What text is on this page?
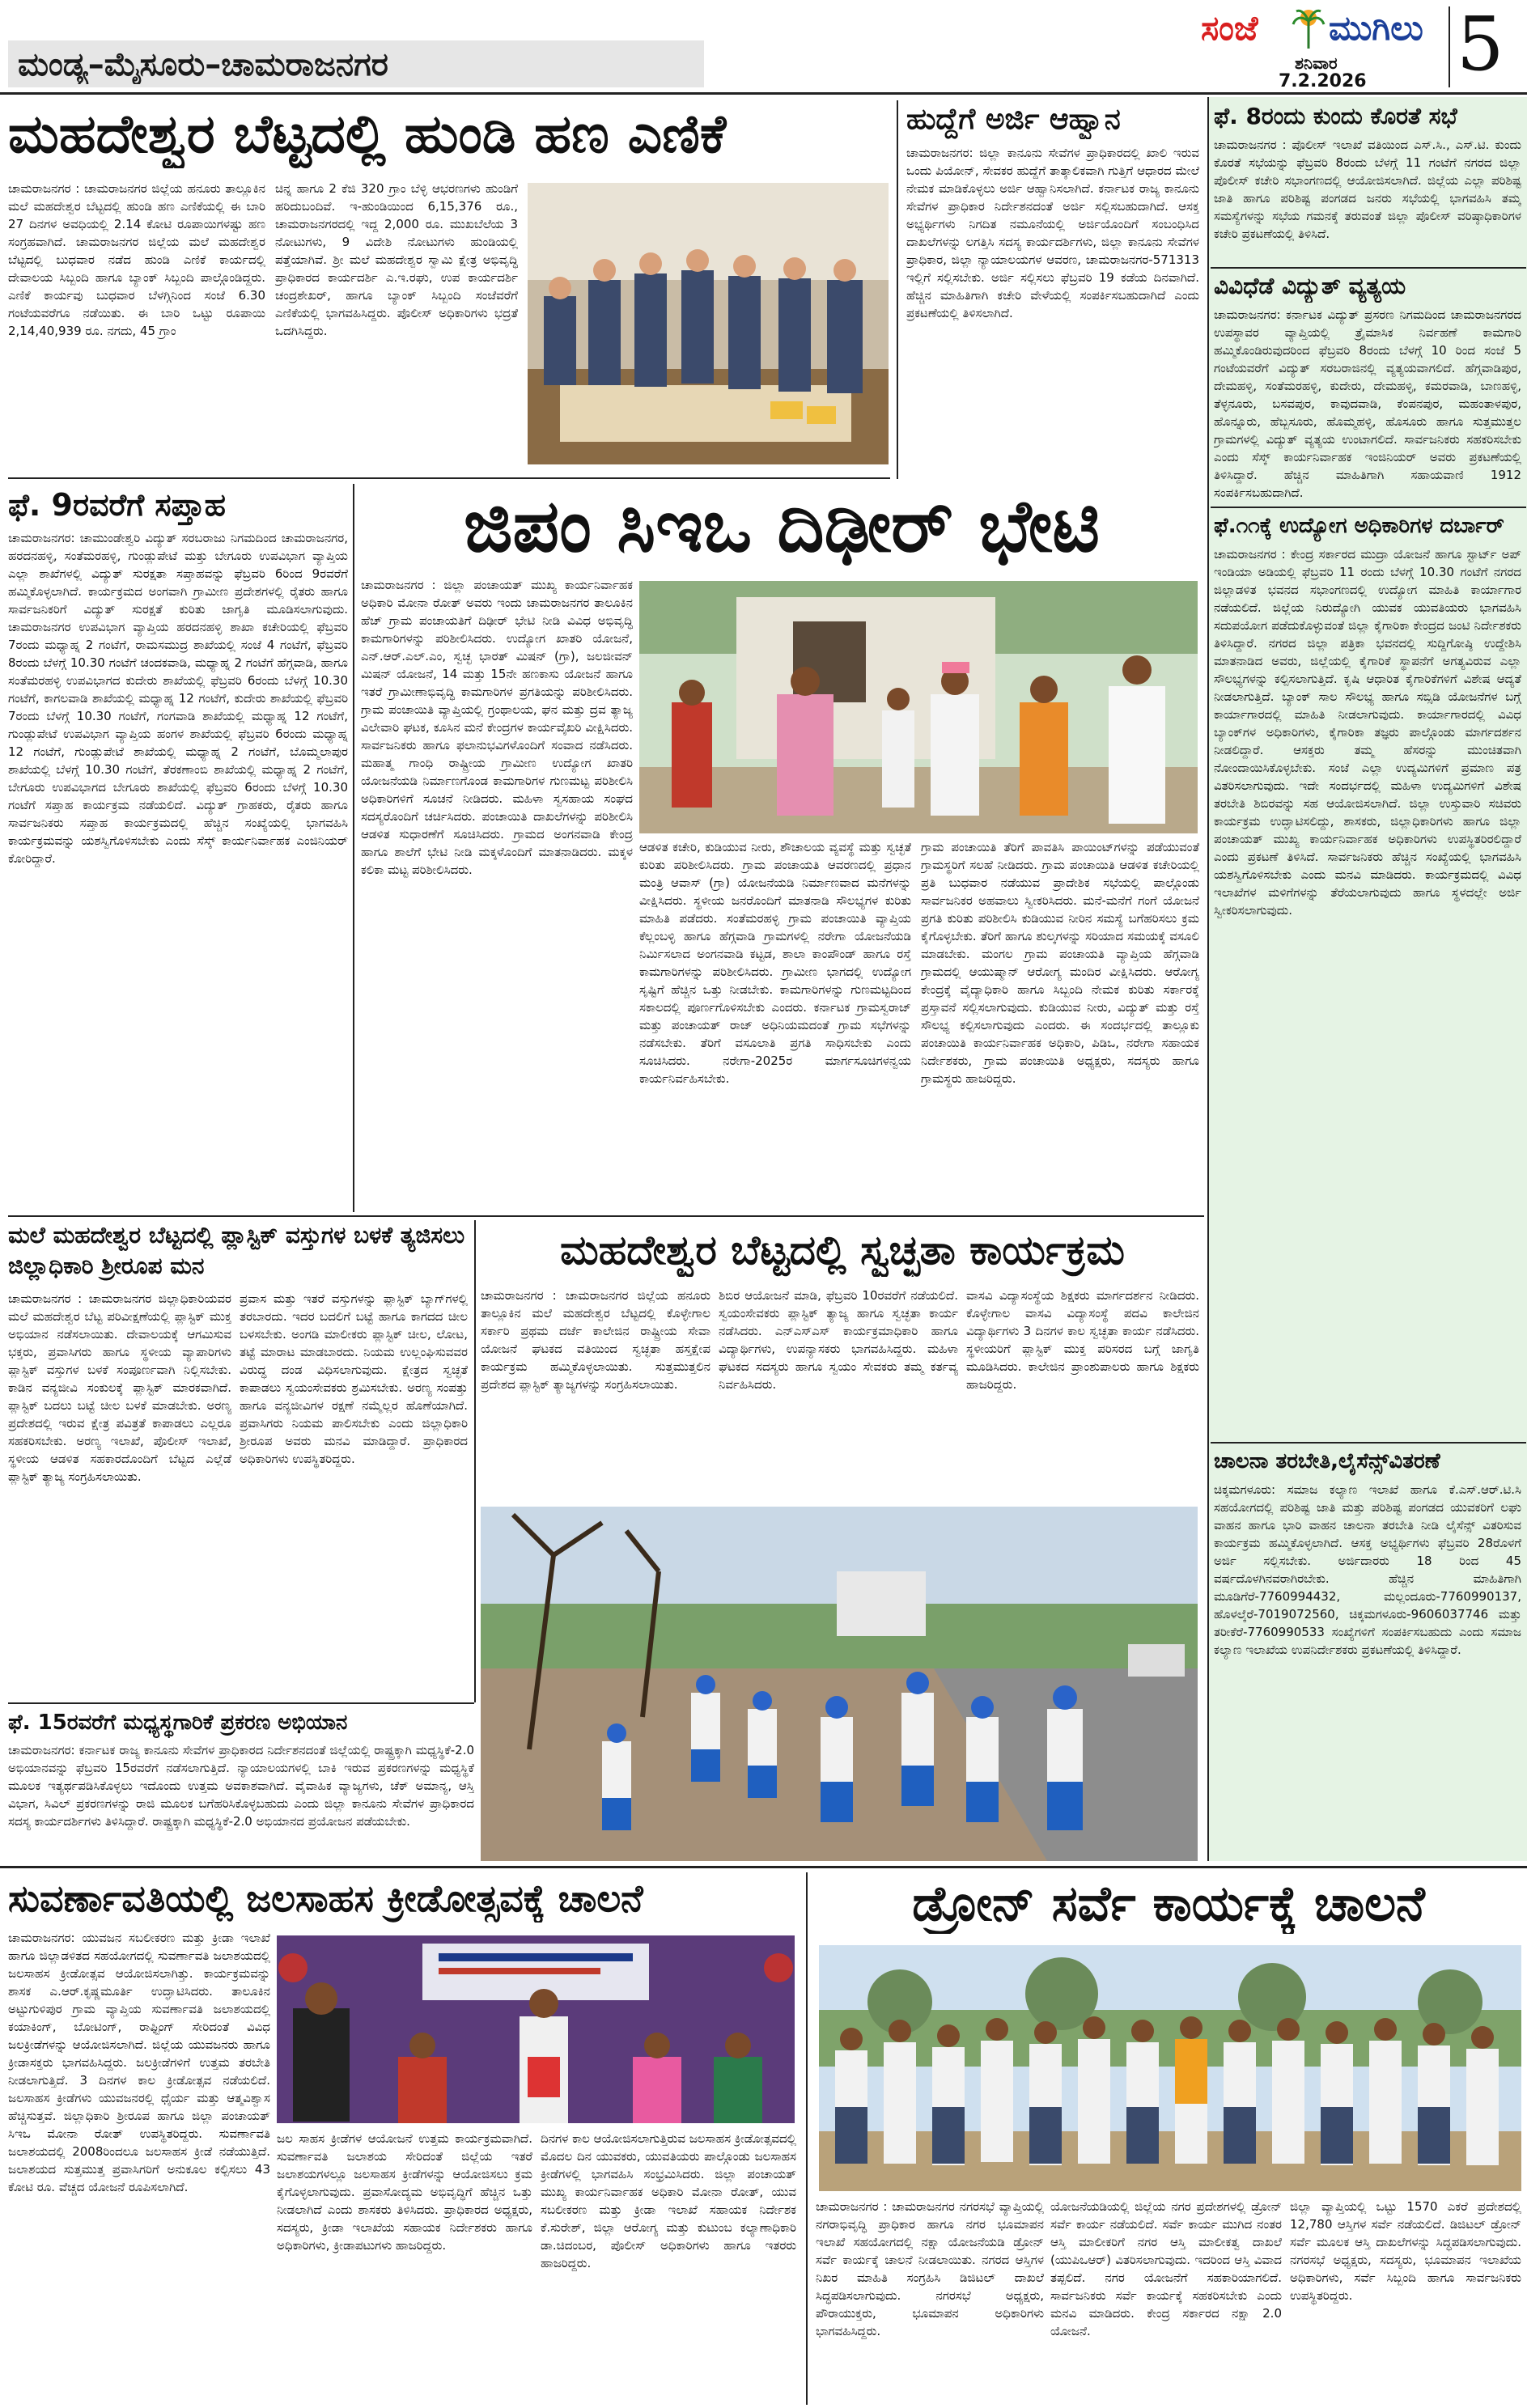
ಮಂಡ್ಯ–ಮೈಸೂರು–ಚಾಮರಾಜನಗರ
ಸಂಜೆ ಮುಗಿಲು
ಶನಿವಾರ
7.2.2026 5
ಮಹದೇಶ್ವರ ಬೆಟ್ಟದಲ್ಲಿ ಹುಂಡಿ ಹಣ ಎಣಿಕೆ
ಚಾಮರಾಜನಗರ : ಚಾಮರಾಜನಗರ ಜಿಲ್ಲೆಯ ಹನೂರು ತಾಲ್ಲೂಕಿನ ಮಲೆ ಮಹದೇಶ್ವರ ಬೆಟ್ಟದಲ್ಲಿ ಹುಂಡಿ ಹಣ ಎಣಿಕೆಯಲ್ಲಿ ಈ ಬಾರಿ 27 ದಿನಗಳ ಅವಧಿಯಲ್ಲಿ 2.14 ಕೋಟಿ ರೂಪಾಯಿಗಳಷ್ಟು ಹಣ ಸಂಗ್ರಹವಾಗಿದೆ. ಚಾಮರಾಜನಗರ ಜಿಲ್ಲೆಯ ಮಲೆ ಮಹದೇಶ್ವರ ಬೆಟ್ಟದಲ್ಲಿ ಬುಧವಾರ ನಡೆದ ಹುಂಡಿ ಎಣಿಕೆ ಕಾರ್ಯದಲ್ಲಿ ದೇವಾಲಯ ಸಿಬ್ಬಂದಿ ಹಾಗೂ ಬ್ಯಾಂಕ್ ಸಿಬ್ಬಂದಿ ಪಾಲ್ಗೊಂಡಿದ್ದರು. ಎಣಿಕೆ ಕಾರ್ಯವು ಬುಧವಾರ ಬೆಳಗ್ಗಿನಿಂದ ಸಂಜೆ 6.30 ಗಂಟೆಯವರೆಗೂ ನಡೆಯಿತು. ಈ ಬಾರಿ ಒಟ್ಟು ರೂಪಾಯಿ 2,14,40,939 ರೂ. ನಗದು, 45 ಗ್ರಾಂ
ಚಿನ್ನ ಹಾಗೂ 2 ಕೆಜಿ 320 ಗ್ರಾಂ ಬೆಳ್ಳಿ ಆಭರಣಗಳು ಹುಂಡಿಗೆ ಹರಿದುಬಂದಿವೆ. ಇ-ಹುಂಡಿಯಿಂದ 6,15,376 ರೂ., ಚಾಮರಾಜನಗರದಲ್ಲಿ ಇದ್ದ 2,000 ರೂ. ಮುಖಬೆಲೆಯ 3 ನೋಟುಗಳು, 9 ವಿದೇಶಿ ನೋಟುಗಳು ಹುಂಡಿಯಲ್ಲಿ ಪತ್ತೆಯಾಗಿವೆ. ಶ್ರೀ ಮಲೆ ಮಹದೇಶ್ವರ ಸ್ವಾಮಿ ಕ್ಷೇತ್ರ ಅಭಿವೃದ್ಧಿ ಪ್ರಾಧಿಕಾರದ ಕಾರ್ಯದರ್ಶಿ ಎ.ಇ.ರಘು, ಉಪ ಕಾರ್ಯದರ್ಶಿ ಚಂದ್ರಶೇಖರ್, ಹಾಗೂ ಬ್ಯಾಂಕ್ ಸಿಬ್ಬಂದಿ ಸಂಜೆವರೆಗೆ ಎಣಿಕೆಯಲ್ಲಿ ಭಾಗವಹಿಸಿದ್ದರು. ಪೊಲೀಸ್ ಅಧಿಕಾರಿಗಳು ಭದ್ರತೆ ಒದಗಿಸಿದ್ದರು.
ಹುದ್ದೆಗೆ ಅರ್ಜಿ ಆಹ್ವಾನ
ಚಾಮರಾಜನಗರ: ಜಿಲ್ಲಾ ಕಾನೂನು ಸೇವೆಗಳ ಪ್ರಾಧಿಕಾರದಲ್ಲಿ ಖಾಲಿ ಇರುವ ಒಂದು ಪಿಯೋನ್, ಸೇವಕರ ಹುದ್ದೆಗೆ ತಾತ್ಕಾಲಿಕವಾಗಿ ಗುತ್ತಿಗೆ ಆಧಾರದ ಮೇಲೆ ನೇಮಕ ಮಾಡಿಕೊಳ್ಳಲು ಅರ್ಜಿ ಆಹ್ವಾನಿಸಲಾಗಿದೆ. ಕರ್ನಾಟಕ ರಾಜ್ಯ ಕಾನೂನು ಸೇವೆಗಳ ಪ್ರಾಧಿಕಾರ ನಿರ್ದೇಶನದಂತೆ ಅರ್ಜಿ ಸಲ್ಲಿಸಬಹುದಾಗಿದೆ. ಆಸಕ್ತ ಅಭ್ಯರ್ಥಿಗಳು ನಿಗದಿತ ನಮೂನೆಯಲ್ಲಿ ಅರ್ಜಿಯೊಂದಿಗೆ ಸಂಬಂಧಿಸಿದ ದಾಖಲೆಗಳನ್ನು ಲಗತ್ತಿಸಿ ಸದಸ್ಯ ಕಾರ್ಯದರ್ಶಿಗಳು, ಜಿಲ್ಲಾ ಕಾನೂನು ಸೇವೆಗಳ ಪ್ರಾಧಿಕಾರ, ಜಿಲ್ಲಾ ನ್ಯಾಯಾಲಯಗಳ ಆವರಣ, ಚಾಮರಾಜನಗರ-571313 ಇಲ್ಲಿಗೆ ಸಲ್ಲಿಸಬೇಕು. ಅರ್ಜಿ ಸಲ್ಲಿಸಲು ಫೆಬ್ರವರಿ 19 ಕಡೆಯ ದಿನವಾಗಿದೆ. ಹೆಚ್ಚಿನ ಮಾಹಿತಿಗಾಗಿ ಕಚೇರಿ ವೇಳೆಯಲ್ಲಿ ಸಂಪರ್ಕಿಸಬಹುದಾಗಿದೆ ಎಂದು ಪ್ರಕಟಣೆಯಲ್ಲಿ ತಿಳಿಸಲಾಗಿದೆ.
ಫೆ. 8ರಂದು ಕುಂದು ಕೊರತೆ ಸಭೆ
ಚಾಮರಾಜನಗರ : ಪೊಲೀಸ್ ಇಲಾಖೆ ವತಿಯಿಂದ ಎಸ್.ಸಿ., ಎಸ್.ಟಿ. ಕುಂದು ಕೊರತೆ ಸಭೆಯನ್ನು ಫೆಬ್ರವರಿ 8ರಂದು ಬೆಳಗ್ಗೆ 11 ಗಂಟೆಗೆ ನಗರದ ಜಿಲ್ಲಾ ಪೊಲೀಸ್ ಕಚೇರಿ ಸಭಾಂಗಣದಲ್ಲಿ ಆಯೋಜಿಸಲಾಗಿದೆ. ಜಿಲ್ಲೆಯ ಎಲ್ಲಾ ಪರಿಶಿಷ್ಟ ಜಾತಿ ಹಾಗೂ ಪರಿಶಿಷ್ಟ ಪಂಗಡದ ಜನರು ಸಭೆಯಲ್ಲಿ ಭಾಗವಹಿಸಿ ತಮ್ಮ ಸಮಸ್ಯೆಗಳನ್ನು ಸಭೆಯ ಗಮನಕ್ಕೆ ತರುವಂತೆ ಜಿಲ್ಲಾ ಪೊಲೀಸ್ ವರಿಷ್ಠಾಧಿಕಾರಿಗಳ ಕಚೇರಿ ಪ್ರಕಟಣೆಯಲ್ಲಿ ತಿಳಿಸಿದೆ.
ವಿವಿಧೆಡೆ ವಿದ್ಯುತ್ ವ್ಯತ್ಯಯ
ಚಾಮರಾಜನಗರ: ಕರ್ನಾಟಕ ವಿದ್ಯುತ್ ಪ್ರಸರಣ ನಿಗಮದಿಂದ ಚಾಮರಾಜನಗರದ ಉಪಸ್ಥಾವರ ವ್ಯಾಪ್ತಿಯಲ್ಲಿ ತ್ರೈಮಾಸಿಕ ನಿರ್ವಹಣೆ ಕಾಮಗಾರಿ ಹಮ್ಮಿಕೊಂಡಿರುವುದರಿಂದ ಫೆಬ್ರವರಿ 8ರಂದು ಬೆಳಗ್ಗೆ 10 ರಿಂದ ಸಂಜೆ 5 ಗಂಟೆಯವರೆಗೆ ವಿದ್ಯುತ್ ಸರಬರಾಜಿನಲ್ಲಿ ವ್ಯತ್ಯಯವಾಗಲಿದೆ. ಹೆಗ್ಗವಾಡಿಪುರ, ದೇಮಹಳ್ಳಿ, ಸಂತೆಮರಹಳ್ಳಿ, ಕುದೇರು, ದೇಮಹಳ್ಳಿ, ಕಮರವಾಡಿ, ಬಾಣಹಳ್ಳಿ, ತೆಳ್ಳನೂರು, ಬಸವಪುರ, ಕಾವುದವಾಡಿ, ಕೆಂಪನಪುರ, ಮಹಂತಾಳಪುರ, ಹೊನ್ನೂರು, ಹೆಬ್ಬಸೂರು, ಹೊಮ್ಮಹಳ್ಳಿ, ಹೊಸೂರು ಹಾಗೂ ಸುತ್ತಮುತ್ತಲ ಗ್ರಾಮಗಳಲ್ಲಿ ವಿದ್ಯುತ್ ವ್ಯತ್ಯಯ ಉಂಟಾಗಲಿದೆ. ಸಾರ್ವಜನಿಕರು ಸಹಕರಿಸಬೇಕು ಎಂದು ಸೆಸ್ಕ್ ಕಾರ್ಯನಿರ್ವಾಹಕ ಇಂಜಿನಿಯರ್ ಅವರು ಪ್ರಕಟಣೆಯಲ್ಲಿ ತಿಳಿಸಿದ್ದಾರೆ. ಹೆಚ್ಚಿನ ಮಾಹಿತಿಗಾಗಿ ಸಹಾಯವಾಣಿ 1912 ಸಂಪರ್ಕಿಸಬಹುದಾಗಿದೆ.
ಫೆ.೧೧ಕ್ಕೆ ಉದ್ಯೋಗ ಅಧಿಕಾರಿಗಳ ದರ್ಬಾರ್
ಚಾಮರಾಜನಗರ : ಕೇಂದ್ರ ಸರ್ಕಾರದ ಮುದ್ರಾ ಯೋಜನೆ ಹಾಗೂ ಸ್ಟಾರ್ಟ್ ಅಪ್ ಇಂಡಿಯಾ ಅಡಿಯಲ್ಲಿ ಫೆಬ್ರವರಿ 11 ರಂದು ಬೆಳಗ್ಗೆ 10.30 ಗಂಟೆಗೆ ನಗರದ ಜಿಲ್ಲಾಡಳಿತ ಭವನದ ಸಭಾಂಗಣದಲ್ಲಿ ಉದ್ಯೋಗ ಮಾಹಿತಿ ಕಾರ್ಯಾಗಾರ ನಡೆಯಲಿದೆ. ಜಿಲ್ಲೆಯ ನಿರುದ್ಯೋಗಿ ಯುವಕ ಯುವತಿಯರು ಭಾಗವಹಿಸಿ ಸದುಪಯೋಗ ಪಡೆದುಕೊಳ್ಳುವಂತೆ ಜಿಲ್ಲಾ ಕೈಗಾರಿಕಾ ಕೇಂದ್ರದ ಜಂಟಿ ನಿರ್ದೇಶಕರು ತಿಳಿಸಿದ್ದಾರೆ. ನಗರದ ಜಿಲ್ಲಾ ಪತ್ರಿಕಾ ಭವನದಲ್ಲಿ ಸುದ್ದಿಗೋಷ್ಠಿ ಉದ್ದೇಶಿಸಿ ಮಾತನಾಡಿದ ಅವರು, ಜಿಲ್ಲೆಯಲ್ಲಿ ಕೈಗಾರಿಕೆ ಸ್ಥಾಪನೆಗೆ ಅಗತ್ಯವಿರುವ ಎಲ್ಲಾ ಸೌಲಭ್ಯಗಳನ್ನು ಕಲ್ಪಿಸಲಾಗುತ್ತಿದೆ. ಕೃಷಿ ಆಧಾರಿತ ಕೈಗಾರಿಕೆಗಳಿಗೆ ವಿಶೇಷ ಆದ್ಯತೆ ನೀಡಲಾಗುತ್ತಿದೆ. ಬ್ಯಾಂಕ್ ಸಾಲ ಸೌಲಭ್ಯ ಹಾಗೂ ಸಬ್ಸಿಡಿ ಯೋಜನೆಗಳ ಬಗ್ಗೆ ಕಾರ್ಯಾಗಾರದಲ್ಲಿ ಮಾಹಿತಿ ನೀಡಲಾಗುವುದು. ಕಾರ್ಯಾಗಾರದಲ್ಲಿ ವಿವಿಧ ಬ್ಯಾಂಕ್‌ಗಳ ಅಧಿಕಾರಿಗಳು, ಕೈಗಾರಿಕಾ ತಜ್ಞರು ಪಾಲ್ಗೊಂಡು ಮಾರ್ಗದರ್ಶನ ನೀಡಲಿದ್ದಾರೆ. ಆಸಕ್ತರು ತಮ್ಮ ಹೆಸರನ್ನು ಮುಂಚಿತವಾಗಿ ನೋಂದಾಯಿಸಿಕೊಳ್ಳಬೇಕು. ಸಂಜೆ ಎಲ್ಲಾ ಉದ್ಯಮಿಗಳಿಗೆ ಪ್ರಮಾಣ ಪತ್ರ ವಿತರಿಸಲಾಗುವುದು. ಇದೇ ಸಂದರ್ಭದಲ್ಲಿ ಮಹಿಳಾ ಉದ್ಯಮಿಗಳಿಗೆ ವಿಶೇಷ ತರಬೇತಿ ಶಿಬಿರವನ್ನು ಸಹ ಆಯೋಜಿಸಲಾಗಿದೆ. ಜಿಲ್ಲಾ ಉಸ್ತುವಾರಿ ಸಚಿವರು ಕಾರ್ಯಕ್ರಮ ಉದ್ಘಾಟಿಸಲಿದ್ದು, ಶಾಸಕರು, ಜಿಲ್ಲಾಧಿಕಾರಿಗಳು ಹಾಗೂ ಜಿಲ್ಲಾ ಪಂಚಾಯತ್ ಮುಖ್ಯ ಕಾರ್ಯನಿರ್ವಾಹಕ ಅಧಿಕಾರಿಗಳು ಉಪಸ್ಥಿತರಿರಲಿದ್ದಾರೆ ಎಂದು ಪ್ರಕಟಣೆ ತಿಳಿಸಿದೆ. ಸಾರ್ವಜನಿಕರು ಹೆಚ್ಚಿನ ಸಂಖ್ಯೆಯಲ್ಲಿ ಭಾಗವಹಿಸಿ ಯಶಸ್ವಿಗೊಳಿಸಬೇಕು ಎಂದು ಮನವಿ ಮಾಡಿದರು. ಕಾರ್ಯಕ್ರಮದಲ್ಲಿ ವಿವಿಧ ಇಲಾಖೆಗಳ ಮಳಿಗೆಗಳನ್ನು ತೆರೆಯಲಾಗುವುದು ಹಾಗೂ ಸ್ಥಳದಲ್ಲೇ ಅರ್ಜಿ ಸ್ವೀಕರಿಸಲಾಗುವುದು.
ಚಾಲನಾ ತರಬೇತಿ,ಲೈಸೆನ್ಸ್‌ವಿತರಣೆ
ಚಿಕ್ಕಮಗಳೂರು: ಸಮಾಜ ಕಲ್ಯಾಣ ಇಲಾಖೆ ಹಾಗೂ ಕೆ.ಎಸ್.ಆರ್.ಟಿ.ಸಿ ಸಹಯೋಗದಲ್ಲಿ ಪರಿಶಿಷ್ಟ ಜಾತಿ ಮತ್ತು ಪರಿಶಿಷ್ಟ ಪಂಗಡದ ಯುವಕರಿಗೆ ಲಘು ವಾಹನ ಹಾಗೂ ಭಾರಿ ವಾಹನ ಚಾಲನಾ ತರಬೇತಿ ನೀಡಿ ಲೈಸೆನ್ಸ್ ವಿತರಿಸುವ ಕಾರ್ಯಕ್ರಮ ಹಮ್ಮಿಕೊಳ್ಳಲಾಗಿದೆ. ಆಸಕ್ತ ಅಭ್ಯರ್ಥಿಗಳು ಫೆಬ್ರವರಿ 28ರೊಳಗೆ ಅರ್ಜಿ ಸಲ್ಲಿಸಬೇಕು. ಅರ್ಜಿದಾರರು 18 ರಿಂದ 45 ವರ್ಷದೊಳಗಿನವರಾಗಿರಬೇಕು. ಹೆಚ್ಚಿನ ಮಾಹಿತಿಗಾಗಿ ಮೂಡಿಗೆರೆ-7760994432, ಮಲ್ಲಂದೂರು-7760990137, ಹೊಳಲ್ಕೆರೆ-7019072560, ಚಿಕ್ಕಮಗಳೂರು-9606037746 ಮತ್ತು ತರೀಕೆರೆ-7760990533 ಸಂಖ್ಯೆಗಳಿಗೆ ಸಂಪರ್ಕಿಸಬಹುದು ಎಂದು ಸಮಾಜ ಕಲ್ಯಾಣ ಇಲಾಖೆಯ ಉಪನಿರ್ದೇಶಕರು ಪ್ರಕಟಣೆಯಲ್ಲಿ ತಿಳಿಸಿದ್ದಾರೆ.
ಫೆ. 9ರವರೆಗೆ ಸಪ್ತಾಹ
ಚಾಮರಾಜನಗರ: ಚಾಮುಂಡೇಶ್ವರಿ ವಿದ್ಯುತ್ ಸರಬರಾಜು ನಿಗಮದಿಂದ ಚಾಮರಾಜನಗರ, ಹರದನಹಳ್ಳಿ, ಸಂತೆಮರಹಳ್ಳಿ, ಗುಂಡ್ಲುಪೇಟೆ ಮತ್ತು ಬೇಗೂರು ಉಪವಿಭಾಗ ವ್ಯಾಪ್ತಿಯ ಎಲ್ಲಾ ಶಾಖೆಗಳಲ್ಲಿ ವಿದ್ಯುತ್ ಸುರಕ್ಷತಾ ಸಪ್ತಾಹವನ್ನು ಫೆಬ್ರವರಿ 6ರಿಂದ 9ರವರೆಗೆ ಹಮ್ಮಿಕೊಳ್ಳಲಾಗಿದೆ. ಕಾರ್ಯಕ್ರಮದ ಅಂಗವಾಗಿ ಗ್ರಾಮೀಣ ಪ್ರದೇಶಗಳಲ್ಲಿ ರೈತರು ಹಾಗೂ ಸಾರ್ವಜನಿಕರಿಗೆ ವಿದ್ಯುತ್ ಸುರಕ್ಷತೆ ಕುರಿತು ಜಾಗೃತಿ ಮೂಡಿಸಲಾಗುವುದು. ಚಾಮರಾಜನಗರ ಉಪವಿಭಾಗ ವ್ಯಾಪ್ತಿಯ ಹರದನಹಳ್ಳಿ ಶಾಖಾ ಕಚೇರಿಯಲ್ಲಿ ಫೆಬ್ರವರಿ 7ರಂದು ಮಧ್ಯಾಹ್ನ 2 ಗಂಟೆಗೆ, ರಾಮಸಮುದ್ರ ಶಾಖೆಯಲ್ಲಿ ಸಂಜೆ 4 ಗಂಟೆಗೆ, ಫೆಬ್ರವರಿ 8ರಂದು ಬೆಳಗ್ಗೆ 10.30 ಗಂಟೆಗೆ ಚಂದಕವಾಡಿ, ಮಧ್ಯಾಹ್ನ 2 ಗಂಟೆಗೆ ಹೆಗ್ಗವಾಡಿ, ಹಾಗೂ ಸಂತೆಮರಹಳ್ಳಿ ಉಪವಿಭಾಗದ ಕುದೇರು ಶಾಖೆಯಲ್ಲಿ ಫೆಬ್ರವರಿ 6ರಂದು ಬೆಳಗ್ಗೆ 10.30 ಗಂಟೆಗೆ, ಕಾಗಲವಾಡಿ ಶಾಖೆಯಲ್ಲಿ ಮಧ್ಯಾಹ್ನ 12 ಗಂಟೆಗೆ, ಕುದೇರು ಶಾಖೆಯಲ್ಲಿ ಫೆಬ್ರವರಿ 7ರಂದು ಬೆಳಗ್ಗೆ 10.30 ಗಂಟೆಗೆ, ಗಂಗವಾಡಿ ಶಾಖೆಯಲ್ಲಿ ಮಧ್ಯಾಹ್ನ 12 ಗಂಟೆಗೆ, ಗುಂಡ್ಲುಪೇಟೆ ಉಪವಿಭಾಗ ವ್ಯಾಪ್ತಿಯ ಹಂಗಳ ಶಾಖೆಯಲ್ಲಿ ಫೆಬ್ರವರಿ 6ರಂದು ಮಧ್ಯಾಹ್ನ 12 ಗಂಟೆಗೆ, ಗುಂಡ್ಲುಪೇಟೆ ಶಾಖೆಯಲ್ಲಿ ಮಧ್ಯಾಹ್ನ 2 ಗಂಟೆಗೆ, ಬೊಮ್ಮಲಾಪುರ ಶಾಖೆಯಲ್ಲಿ ಬೆಳಗ್ಗೆ 10.30 ಗಂಟೆಗೆ, ತೆರಕಣಾಂಬಿ ಶಾಖೆಯಲ್ಲಿ ಮಧ್ಯಾಹ್ನ 2 ಗಂಟೆಗೆ, ಬೇಗೂರು ಉಪವಿಭಾಗದ ಬೇಗೂರು ಶಾಖೆಯಲ್ಲಿ ಫೆಬ್ರವರಿ 6ರಂದು ಬೆಳಗ್ಗೆ 10.30 ಗಂಟೆಗೆ ಸಪ್ತಾಹ ಕಾರ್ಯಕ್ರಮ ನಡೆಯಲಿದೆ. ವಿದ್ಯುತ್ ಗ್ರಾಹಕರು, ರೈತರು ಹಾಗೂ ಸಾರ್ವಜನಿಕರು ಸಪ್ತಾಹ ಕಾರ್ಯಕ್ರಮದಲ್ಲಿ ಹೆಚ್ಚಿನ ಸಂಖ್ಯೆಯಲ್ಲಿ ಭಾಗವಹಿಸಿ ಕಾರ್ಯಕ್ರಮವನ್ನು ಯಶಸ್ವಿಗೊಳಿಸಬೇಕು ಎಂದು ಸೆಸ್ಕ್ ಕಾರ್ಯನಿರ್ವಾಹಕ ಎಂಜಿನಿಯರ್ ಕೋರಿದ್ದಾರೆ.
ಜಿಪಂ ಸಿಇಒ ದಿಢೀರ್ ಭೇಟಿ
ಚಾಮರಾಜನಗರ : ಜಿಲ್ಲಾ ಪಂಚಾಯತ್ ಮುಖ್ಯ ಕಾರ್ಯನಿರ್ವಾಹಕ ಅಧಿಕಾರಿ ಮೋನಾ ರೋತ್ ಅವರು ಇಂದು ಚಾಮರಾಜನಗರ ತಾಲೂಕಿನ ಹೆಚ್ ಗ್ರಾಮ ಪಂಚಾಯತಿಗೆ ದಿಢೀರ್ ಭೇಟಿ ನೀಡಿ ವಿವಿಧ ಅಭಿವೃದ್ಧಿ ಕಾಮಗಾರಿಗಳನ್ನು ಪರಿಶೀಲಿಸಿದರು. ಉದ್ಯೋಗ ಖಾತರಿ ಯೋಜನೆ, ಎನ್.ಆರ್.ಎಲ್.ಎಂ, ಸ್ವಚ್ಛ ಭಾರತ್ ಮಿಷನ್ (ಗ್ರಾ), ಜಲಜೀವನ್ ಮಿಷನ್ ಯೋಜನೆ, 14 ಮತ್ತು 15ನೇ ಹಣಕಾಸು ಯೋಜನೆ ಹಾಗೂ ಇತರೆ ಗ್ರಾಮೀಣಾಭಿವೃದ್ಧಿ ಕಾಮಗಾರಿಗಳ ಪ್ರಗತಿಯನ್ನು ಪರಿಶೀಲಿಸಿದರು. ಗ್ರಾಮ ಪಂಚಾಯಿತಿ ವ್ಯಾಪ್ತಿಯಲ್ಲಿ ಗ್ರಂಥಾಲಯ, ಘನ ಮತ್ತು ದ್ರವ ತ್ಯಾಜ್ಯ ವಿಲೇವಾರಿ ಘಟಕ, ಕೂಸಿನ ಮನೆ ಕೇಂದ್ರಗಳ ಕಾರ್ಯವೈಖರಿ ವೀಕ್ಷಿಸಿದರು. ಸಾರ್ವಜನಿಕರು ಹಾಗೂ ಫಲಾನುಭವಿಗಳೊಂದಿಗೆ ಸಂವಾದ ನಡೆಸಿದರು. ಮಹಾತ್ಮ ಗಾಂಧಿ ರಾಷ್ಟ್ರೀಯ ಗ್ರಾಮೀಣ ಉದ್ಯೋಗ ಖಾತರಿ ಯೋಜನೆಯಡಿ ನಿರ್ಮಾಣಗೊಂಡ ಕಾಮಗಾರಿಗಳ ಗುಣಮಟ್ಟ ಪರಿಶೀಲಿಸಿ ಅಧಿಕಾರಿಗಳಿಗೆ ಸೂಚನೆ ನೀಡಿದರು. ಮಹಿಳಾ ಸ್ವಸಹಾಯ ಸಂಘದ ಸದಸ್ಯರೊಂದಿಗೆ ಚರ್ಚಿಸಿದರು. ಪಂಚಾಯಿತಿ ದಾಖಲೆಗಳನ್ನು ಪರಿಶೀಲಿಸಿ ಆಡಳಿತ ಸುಧಾರಣೆಗೆ ಸೂಚಿಸಿದರು. ಗ್ರಾಮದ ಅಂಗನವಾಡಿ ಕೇಂದ್ರ ಹಾಗೂ ಶಾಲೆಗೆ ಭೇಟಿ ನೀಡಿ ಮಕ್ಕಳೊಂದಿಗೆ ಮಾತನಾಡಿದರು. ಮಕ್ಕಳ ಕಲಿಕಾ ಮಟ್ಟ ಪರಿಶೀಲಿಸಿದರು.
ಆಡಳಿತ ಕಚೇರಿ, ಕುಡಿಯುವ ನೀರು, ಶೌಚಾಲಯ ವ್ಯವಸ್ಥೆ ಮತ್ತು ಸ್ವಚ್ಛತೆ ಕುರಿತು ಪರಿಶೀಲಿಸಿದರು. ಗ್ರಾಮ ಪಂಚಾಯತಿ ಆವರಣದಲ್ಲಿ ಪ್ರಧಾನ ಮಂತ್ರಿ ಆವಾಸ್ (ಗ್ರಾ) ಯೋಜನೆಯಡಿ ನಿರ್ಮಾಣವಾದ ಮನೆಗಳನ್ನು ವೀಕ್ಷಿಸಿದರು. ಸ್ಥಳೀಯ ಜನರೊಂದಿಗೆ ಮಾತನಾಡಿ ಸೌಲಭ್ಯಗಳ ಕುರಿತು ಮಾಹಿತಿ ಪಡೆದರು. ಸಂತೆಮರಹಳ್ಳಿ ಗ್ರಾಮ ಪಂಚಾಯಿತಿ ವ್ಯಾಪ್ತಿಯ ಕೆಲ್ಲಂಬಳ್ಳಿ ಹಾಗೂ ಹೆಗ್ಗವಾಡಿ ಗ್ರಾಮಗಳಲ್ಲಿ ನರೇಗಾ ಯೋಜನೆಯಡಿ ನಿರ್ಮಿಸಲಾದ ಅಂಗನವಾಡಿ ಕಟ್ಟಡ, ಶಾಲಾ ಕಾಂಪೌಂಡ್ ಹಾಗೂ ರಸ್ತೆ ಕಾಮಗಾರಿಗಳನ್ನು ಪರಿಶೀಲಿಸಿದರು. ಗ್ರಾಮೀಣ ಭಾಗದಲ್ಲಿ ಉದ್ಯೋಗ ಸೃಷ್ಟಿಗೆ ಹೆಚ್ಚಿನ ಒತ್ತು ನೀಡಬೇಕು. ಕಾಮಗಾರಿಗಳನ್ನು ಗುಣಮಟ್ಟದಿಂದ ಸಕಾಲದಲ್ಲಿ ಪೂರ್ಣಗೊಳಿಸಬೇಕು ಎಂದರು. ಕರ್ನಾಟಕ ಗ್ರಾಮಸ್ವರಾಜ್ ಮತ್ತು ಪಂಚಾಯತ್ ರಾಜ್ ಅಧಿನಿಯಮದಂತೆ ಗ್ರಾಮ ಸಭೆಗಳನ್ನು ನಡೆಸಬೇಕು. ತೆರಿಗೆ ವಸೂಲಾತಿ ಪ್ರಗತಿ ಸಾಧಿಸಬೇಕು ಎಂದು ಸೂಚಿಸಿದರು. ನರೇಗಾ-2025ರ ಮಾರ್ಗಸೂಚಿಗಳನ್ವಯ ಕಾರ್ಯನಿರ್ವಹಿಸಬೇಕು.
ಗ್ರಾಮ ಪಂಚಾಯಿತಿ ತೆರಿಗೆ ಪಾವತಿಸಿ ಪಾಯಿಂಟ್‌ಗಳನ್ನು ಪಡೆಯುವಂತೆ ಗ್ರಾಮಸ್ಥರಿಗೆ ಸಲಹೆ ನೀಡಿದರು. ಗ್ರಾಮ ಪಂಚಾಯಿತಿ ಆಡಳಿತ ಕಚೇರಿಯಲ್ಲಿ ಪ್ರತಿ ಬುಧವಾರ ನಡೆಯುವ ಪ್ರಾದೇಶಿಕ ಸಭೆಯಲ್ಲಿ ಪಾಲ್ಗೊಂಡು ಸಾರ್ವಜನಿಕರ ಅಹವಾಲು ಸ್ವೀಕರಿಸಿದರು. ಮನೆ-ಮನೆಗೆ ಗಂಗೆ ಯೋಜನೆ ಪ್ರಗತಿ ಕುರಿತು ಪರಿಶೀಲಿಸಿ ಕುಡಿಯುವ ನೀರಿನ ಸಮಸ್ಯೆ ಬಗೆಹರಿಸಲು ಕ್ರಮ ಕೈಗೊಳ್ಳಬೇಕು. ತೆರಿಗೆ ಹಾಗೂ ಶುಲ್ಕಗಳನ್ನು ಸರಿಯಾದ ಸಮಯಕ್ಕೆ ವಸೂಲಿ ಮಾಡಬೇಕು. ಮಂಗಲ ಗ್ರಾಮ ಪಂಚಾಯತಿ ವ್ಯಾಪ್ತಿಯ ಹೆಗ್ಗವಾಡಿ ಗ್ರಾಮದಲ್ಲಿ ಆಯುಷ್ಮಾನ್ ಆರೋಗ್ಯ ಮಂದಿರ ವೀಕ್ಷಿಸಿದರು. ಆರೋಗ್ಯ ಕೇಂದ್ರಕ್ಕೆ ವೈದ್ಯಾಧಿಕಾರಿ ಹಾಗೂ ಸಿಬ್ಬಂದಿ ನೇಮಕ ಕುರಿತು ಸರ್ಕಾರಕ್ಕೆ ಪ್ರಸ್ತಾವನೆ ಸಲ್ಲಿಸಲಾಗುವುದು. ಕುಡಿಯುವ ನೀರು, ವಿದ್ಯುತ್ ಮತ್ತು ರಸ್ತೆ ಸೌಲಭ್ಯ ಕಲ್ಪಿಸಲಾಗುವುದು ಎಂದರು. ಈ ಸಂದರ್ಭದಲ್ಲಿ ತಾಲ್ಲೂಕು ಪಂಚಾಯಿತಿ ಕಾರ್ಯನಿರ್ವಾಹಕ ಅಧಿಕಾರಿ, ಪಿಡಿಒ, ನರೇಗಾ ಸಹಾಯಕ ನಿರ್ದೇಶಕರು, ಗ್ರಾಮ ಪಂಚಾಯಿತಿ ಅಧ್ಯಕ್ಷರು, ಸದಸ್ಯರು ಹಾಗೂ ಗ್ರಾಮಸ್ಥರು ಹಾಜರಿದ್ದರು.
ಮಲೆ ಮಹದೇಶ್ವರ ಬೆಟ್ಟದಲ್ಲಿ ಪ್ಲಾಸ್ಟಿಕ್ ವಸ್ತುಗಳ ಬಳಕೆ ತ್ಯಜಿಸಲು ಜಿಲ್ಲಾಧಿಕಾರಿ ಶ್ರೀರೂಪ ಮನ
ಚಾಮರಾಜನಗರ : ಚಾಮರಾಜನಗರ ಜಿಲ್ಲಾಧಿಕಾರಿಯವರ ಮಲೆ ಮಹದೇಶ್ವರ ಬೆಟ್ಟ ಪರಿವೀಕ್ಷಣೆಯಲ್ಲಿ ಪ್ಲಾಸ್ಟಿಕ್ ಮುಕ್ತ ಅಭಿಯಾನ ನಡೆಸಲಾಯಿತು. ದೇವಾಲಯಕ್ಕೆ ಆಗಮಿಸುವ ಭಕ್ತರು, ಪ್ರವಾಸಿಗರು ಹಾಗೂ ಸ್ಥಳೀಯ ವ್ಯಾಪಾರಿಗಳು ಪ್ಲಾಸ್ಟಿಕ್ ವಸ್ತುಗಳ ಬಳಕೆ ಸಂಪೂರ್ಣವಾಗಿ ನಿಲ್ಲಿಸಬೇಕು. ಕಾಡಿನ ವನ್ಯಜೀವಿ ಸಂಕುಲಕ್ಕೆ ಪ್ಲಾಸ್ಟಿಕ್ ಮಾರಕವಾಗಿದೆ. ಪ್ಲಾಸ್ಟಿಕ್ ಬದಲು ಬಟ್ಟೆ ಚೀಲ ಬಳಕೆ ಮಾಡಬೇಕು. ಅರಣ್ಯ ಪ್ರದೇಶದಲ್ಲಿ ಇರುವ ಕ್ಷೇತ್ರ ಪವಿತ್ರತೆ ಕಾಪಾಡಲು ಎಲ್ಲರೂ ಸಹಕರಿಸಬೇಕು. ಅರಣ್ಯ ಇಲಾಖೆ, ಪೊಲೀಸ್ ಇಲಾಖೆ, ಸ್ಥಳೀಯ ಆಡಳಿತ ಸಹಕಾರದೊಂದಿಗೆ ಬೆಟ್ಟದ ಎಲ್ಲೆಡೆ ಪ್ಲಾಸ್ಟಿಕ್ ತ್ಯಾಜ್ಯ ಸಂಗ್ರಹಿಸಲಾಯಿತು.
ಪ್ರವಾಸ ಮತ್ತು ಇತರೆ ವಸ್ತುಗಳನ್ನು ಪ್ಲಾಸ್ಟಿಕ್ ಬ್ಯಾಗ್‌ಗಳಲ್ಲಿ ತರಬಾರದು. ಇದರ ಬದಲಿಗೆ ಬಟ್ಟೆ ಹಾಗೂ ಕಾಗದದ ಚೀಲ ಬಳಸಬೇಕು. ಅಂಗಡಿ ಮಾಲೀಕರು ಪ್ಲಾಸ್ಟಿಕ್ ಚೀಲ, ಲೋಟ, ತಟ್ಟೆ ಮಾರಾಟ ಮಾಡಬಾರದು. ನಿಯಮ ಉಲ್ಲಂಘಿಸುವವರ ವಿರುದ್ಧ ದಂಡ ವಿಧಿಸಲಾಗುವುದು. ಕ್ಷೇತ್ರದ ಸ್ವಚ್ಛತೆ ಕಾಪಾಡಲು ಸ್ವಯಂಸೇವಕರು ಶ್ರಮಿಸಬೇಕು. ಅರಣ್ಯ ಸಂಪತ್ತು ಹಾಗೂ ವನ್ಯಜೀವಿಗಳ ರಕ್ಷಣೆ ನಮ್ಮೆಲ್ಲರ ಹೊಣೆಯಾಗಿದೆ. ಪ್ರವಾಸಿಗರು ನಿಯಮ ಪಾಲಿಸಬೇಕು ಎಂದು ಜಿಲ್ಲಾಧಿಕಾರಿ ಶ್ರೀರೂಪ ಅವರು ಮನವಿ ಮಾಡಿದ್ದಾರೆ. ಪ್ರಾಧಿಕಾರದ ಅಧಿಕಾರಿಗಳು ಉಪಸ್ಥಿತರಿದ್ದರು.
ಮಹದೇಶ್ವರ ಬೆಟ್ಟದಲ್ಲಿ ಸ್ವಚ್ಛತಾ ಕಾರ್ಯಕ್ರಮ
ಚಾಮರಾಜನಗರ : ಚಾಮರಾಜನಗರ ಜಿಲ್ಲೆಯ ಹನೂರು ತಾಲ್ಲೂಕಿನ ಮಲೆ ಮಹದೇಶ್ವರ ಬೆಟ್ಟದಲ್ಲಿ ಕೊಳ್ಳೇಗಾಲ ಸರ್ಕಾರಿ ಪ್ರಥಮ ದರ್ಜೆ ಕಾಲೇಜಿನ ರಾಷ್ಟ್ರೀಯ ಸೇವಾ ಯೋಜನೆ ಘಟಕದ ವತಿಯಿಂದ ಸ್ವಚ್ಛತಾ ಹಸ್ತಕ್ಷೇಪ ಕಾರ್ಯಕ್ರಮ ಹಮ್ಮಿಕೊಳ್ಳಲಾಯಿತು. ಸುತ್ತಮುತ್ತಲಿನ ಪ್ರದೇಶದ ಪ್ಲಾಸ್ಟಿಕ್ ತ್ಯಾಜ್ಯಗಳನ್ನು ಸಂಗ್ರಹಿಸಲಾಯಿತು.
ಶಿಬಿರ ಆಯೋಜನೆ ಮಾಡಿ, ಫೆಬ್ರವರಿ 10ರವರೆಗೆ ನಡೆಯಲಿದೆ. ಸ್ವಯಂಸೇವಕರು ಪ್ಲಾಸ್ಟಿಕ್ ತ್ಯಾಜ್ಯ ಹಾಗೂ ಸ್ವಚ್ಛತಾ ಕಾರ್ಯ ನಡೆಸಿದರು. ಎನ್ಎಸ್ಎಸ್ ಕಾರ್ಯಕ್ರಮಾಧಿಕಾರಿ ಹಾಗೂ ವಿದ್ಯಾರ್ಥಿಗಳು, ಉಪನ್ಯಾಸಕರು ಭಾಗವಹಿಸಿದ್ದರು. ಮಹಿಳಾ ಘಟಕದ ಸದಸ್ಯರು ಹಾಗೂ ಸ್ವಯಂ ಸೇವಕರು ತಮ್ಮ ಕರ್ತವ್ಯ ನಿರ್ವಹಿಸಿದರು.
ವಾಸವಿ ವಿದ್ಯಾಸಂಸ್ಥೆಯ ಶಿಕ್ಷಕರು ಮಾರ್ಗದರ್ಶನ ನೀಡಿದರು. ಕೊಳ್ಳೇಗಾಲ ವಾಸವಿ ವಿದ್ಯಾಸಂಸ್ಥೆ ಪದವಿ ಕಾಲೇಜಿನ ವಿದ್ಯಾರ್ಥಿಗಳು 3 ದಿನಗಳ ಕಾಲ ಸ್ವಚ್ಛತಾ ಕಾರ್ಯ ನಡೆಸಿದರು. ಸ್ಥಳೀಯರಿಗೆ ಪ್ಲಾಸ್ಟಿಕ್ ಮುಕ್ತ ಪರಿಸರದ ಬಗ್ಗೆ ಜಾಗೃತಿ ಮೂಡಿಸಿದರು. ಕಾಲೇಜಿನ ಪ್ರಾಂಶುಪಾಲರು ಹಾಗೂ ಶಿಕ್ಷಕರು ಹಾಜರಿದ್ದರು.
ಫೆ. 15ರವರೆಗೆ ಮಧ್ಯಸ್ಥಗಾರಿಕೆ ಪ್ರಕರಣ ಅಭಿಯಾನ
ಚಾಮರಾಜನಗರ: ಕರ್ನಾಟಕ ರಾಜ್ಯ ಕಾನೂನು ಸೇವೆಗಳ ಪ್ರಾಧಿಕಾರದ ನಿರ್ದೇಶನದಂತೆ ಜಿಲ್ಲೆಯಲ್ಲಿ ರಾಷ್ಟ್ರಕ್ಕಾಗಿ ಮಧ್ಯಸ್ಥಿಕೆ-2.0 ಅಭಿಯಾನವನ್ನು ಫೆಬ್ರವರಿ 15ರವರೆಗೆ ನಡೆಸಲಾಗುತ್ತಿದೆ. ನ್ಯಾಯಾಲಯಗಳಲ್ಲಿ ಬಾಕಿ ಇರುವ ಪ್ರಕರಣಗಳನ್ನು ಮಧ್ಯಸ್ಥಿಕೆ ಮೂಲಕ ಇತ್ಯರ್ಥಪಡಿಸಿಕೊಳ್ಳಲು ಇದೊಂದು ಉತ್ತಮ ಅವಕಾಶವಾಗಿದೆ. ವೈವಾಹಿಕ ವ್ಯಾಜ್ಯಗಳು, ಚೆಕ್ ಅಮಾನ್ಯ, ಆಸ್ತಿ ವಿಭಾಗ, ಸಿವಿಲ್ ಪ್ರಕರಣಗಳನ್ನು ರಾಜಿ ಮೂಲಕ ಬಗೆಹರಿಸಿಕೊಳ್ಳಬಹುದು ಎಂದು ಜಿಲ್ಲಾ ಕಾನೂನು ಸೇವೆಗಳ ಪ್ರಾಧಿಕಾರದ ಸದಸ್ಯ ಕಾರ್ಯದರ್ಶಿಗಳು ತಿಳಿಸಿದ್ದಾರೆ. ರಾಷ್ಟ್ರಕ್ಕಾಗಿ ಮಧ್ಯಸ್ಥಿಕೆ-2.0 ಅಭಿಯಾನದ ಪ್ರಯೋಜನ ಪಡೆಯಬೇಕು.
ಸುವರ್ಣಾವತಿಯಲ್ಲಿ ಜಲಸಾಹಸ ಕ್ರೀಡೋತ್ಸವಕ್ಕೆ ಚಾಲನೆ
ಚಾಮರಾಜನಗರ: ಯುವಜನ ಸಬಲೀಕರಣ ಮತ್ತು ಕ್ರೀಡಾ ಇಲಾಖೆ ಹಾಗೂ ಜಿಲ್ಲಾಡಳಿತದ ಸಹಯೋಗದಲ್ಲಿ ಸುವರ್ಣಾವತಿ ಜಲಾಶಯದಲ್ಲಿ ಜಲಸಾಹಸ ಕ್ರೀಡೋತ್ಸವ ಆಯೋಜಿಸಲಾಗಿತ್ತು. ಕಾರ್ಯಕ್ರಮವನ್ನು ಶಾಸಕ ಎ.ಆರ್.ಕೃಷ್ಣಮೂರ್ತಿ ಉದ್ಘಾಟಿಸಿದರು. ತಾಲೂಕಿನ ಅಟ್ಟುಗುಳಿಪುರ ಗ್ರಾಮ ವ್ಯಾಪ್ತಿಯ ಸುವರ್ಣಾವತಿ ಜಲಾಶಯದಲ್ಲಿ ಕಯಾಕಿಂಗ್, ಬೋಟಿಂಗ್, ರಾಫ್ಟಿಂಗ್ ಸೇರಿದಂತೆ ವಿವಿಧ ಜಲಕ್ರೀಡೆಗಳನ್ನು ಆಯೋಜಿಸಲಾಗಿದೆ. ಜಿಲ್ಲೆಯ ಯುವಜನರು ಹಾಗೂ ಕ್ರೀಡಾಸಕ್ತರು ಭಾಗವಹಿಸಿದ್ದರು. ಜಲಕ್ರೀಡೆಗಳಿಗೆ ಉತ್ತಮ ತರಬೇತಿ ನೀಡಲಾಗುತ್ತಿದೆ. 3 ದಿನಗಳ ಕಾಲ ಕ್ರೀಡೋತ್ಸವ ನಡೆಯಲಿದೆ. ಜಲಸಾಹಸ ಕ್ರೀಡೆಗಳು ಯುವಜನರಲ್ಲಿ ಧೈರ್ಯ ಮತ್ತು ಆತ್ಮವಿಶ್ವಾಸ ಹೆಚ್ಚಿಸುತ್ತವೆ. ಜಿಲ್ಲಾಧಿಕಾರಿ ಶ್ರೀರೂಪ ಹಾಗೂ ಜಿಲ್ಲಾ ಪಂಚಾಯತ್ ಸಿಇಒ ಮೋನಾ ರೋತ್ ಉಪಸ್ಥಿತರಿದ್ದರು. ಸುವರ್ಣಾವತಿ ಜಲಾಶಯದಲ್ಲಿ 2008ರಿಂದಲೂ ಜಲಸಾಹಸ ಕ್ರೀಡೆ ನಡೆಯುತ್ತಿದೆ. ಜಲಾಶಯದ ಸುತ್ತಮುತ್ತ ಪ್ರವಾಸಿಗರಿಗೆ ಅನುಕೂಲ ಕಲ್ಪಿಸಲು 43 ಕೋಟಿ ರೂ. ವೆಚ್ಚದ ಯೋಜನೆ ರೂಪಿಸಲಾಗಿದೆ.
ಜಲ ಸಾಹಸ ಕ್ರೀಡೆಗಳ ಆಯೋಜನೆ ಉತ್ತಮ ಕಾರ್ಯಕ್ರಮವಾಗಿದೆ. ಸುವರ್ಣಾವತಿ ಜಲಾಶಯ ಸೇರಿದಂತೆ ಜಿಲ್ಲೆಯ ಇತರೆ ಜಲಾಶಯಗಳಲ್ಲೂ ಜಲಸಾಹಸ ಕ್ರೀಡೆಗಳನ್ನು ಆಯೋಜಿಸಲು ಕ್ರಮ ಕೈಗೊಳ್ಳಲಾಗುವುದು. ಪ್ರವಾಸೋದ್ಯಮ ಅಭಿವೃದ್ಧಿಗೆ ಹೆಚ್ಚಿನ ಒತ್ತು ನೀಡಲಾಗಿದೆ ಎಂದು ಶಾಸಕರು ತಿಳಿಸಿದರು. ಪ್ರಾಧಿಕಾರದ ಅಧ್ಯಕ್ಷರು, ಸದಸ್ಯರು, ಕ್ರೀಡಾ ಇಲಾಖೆಯ ಸಹಾಯಕ ನಿರ್ದೇಶಕರು ಹಾಗೂ ಅಧಿಕಾರಿಗಳು, ಕ್ರೀಡಾಪಟುಗಳು ಹಾಜರಿದ್ದರು.
ದಿನಗಳ ಕಾಲ ಆಯೋಜಿಸಲಾಗುತ್ತಿರುವ ಜಲಸಾಹಸ ಕ್ರೀಡೋತ್ಸವದಲ್ಲಿ ಮೊದಲ ದಿನ ಯುವಕರು, ಯುವತಿಯರು ಪಾಲ್ಗೊಂಡು ಜಲಸಾಹಸ ಕ್ರೀಡೆಗಳಲ್ಲಿ ಭಾಗವಹಿಸಿ ಸಂಭ್ರಮಿಸಿದರು. ಜಿಲ್ಲಾ ಪಂಚಾಯತ್ ಮುಖ್ಯ ಕಾರ್ಯನಿರ್ವಾಹಕ ಅಧಿಕಾರಿ ಮೋನಾ ರೋತ್, ಯುವ ಸಬಲೀಕರಣ ಮತ್ತು ಕ್ರೀಡಾ ಇಲಾಖೆ ಸಹಾಯಕ ನಿರ್ದೇಶಕ ಕೆ.ಸುರೇಶ್, ಜಿಲ್ಲಾ ಆರೋಗ್ಯ ಮತ್ತು ಕುಟುಂಬ ಕಲ್ಯಾಣಾಧಿಕಾರಿ ಡಾ.ಚಿದಂಬರ, ಪೊಲೀಸ್ ಅಧಿಕಾರಿಗಳು ಹಾಗೂ ಇತರರು ಹಾಜರಿದ್ದರು.
ಡ್ರೋನ್ ಸರ್ವೆ ಕಾರ್ಯಕ್ಕೆ ಚಾಲನೆ
ಚಾಮರಾಜನಗರ : ಚಾಮರಾಜನಗರ ನಗರಸಭೆ ವ್ಯಾಪ್ತಿಯಲ್ಲಿ ನಗರಾಭಿವೃದ್ಧಿ ಪ್ರಾಧಿಕಾರ ಹಾಗೂ ನಗರ ಭೂಮಾಪನ ಇಲಾಖೆ ಸಹಯೋಗದಲ್ಲಿ ನಕ್ಷಾ ಯೋಜನೆಯಡಿ ಡ್ರೋನ್ ಸರ್ವೆ ಕಾರ್ಯಕ್ಕೆ ಚಾಲನೆ ನೀಡಲಾಯಿತು. ನಗರದ ಆಸ್ತಿಗಳ ನಿಖರ ಮಾಹಿತಿ ಸಂಗ್ರಹಿಸಿ ಡಿಜಿಟಲ್ ದಾಖಲೆ ಸಿದ್ಧಪಡಿಸಲಾಗುವುದು. ನಗರಸಭೆ ಅಧ್ಯಕ್ಷರು, ಪೌರಾಯುಕ್ತರು, ಭೂಮಾಪನ ಅಧಿಕಾರಿಗಳು ಭಾಗವಹಿಸಿದ್ದರು.
ಯೋಜನೆಯಡಿಯಲ್ಲಿ ಜಿಲ್ಲೆಯ ನಗರ ಪ್ರದೇಶಗಳಲ್ಲಿ ಡ್ರೋನ್ ಸರ್ವೆ ಕಾರ್ಯ ನಡೆಯಲಿದೆ. ಸರ್ವೆ ಕಾರ್ಯ ಮುಗಿದ ನಂತರ ಆಸ್ತಿ ಮಾಲೀಕರಿಗೆ ನಗರ ಆಸ್ತಿ ಮಾಲೀಕತ್ವ ದಾಖಲೆ (ಯುಪಿಒಆರ್) ವಿತರಿಸಲಾಗುವುದು. ಇದರಿಂದ ಆಸ್ತಿ ವಿವಾದ ತಪ್ಪಲಿದೆ. ನಗರ ಯೋಜನೆಗೆ ಸಹಕಾರಿಯಾಗಲಿದೆ. ಸಾರ್ವಜನಿಕರು ಸರ್ವೆ ಕಾರ್ಯಕ್ಕೆ ಸಹಕರಿಸಬೇಕು ಎಂದು ಮನವಿ ಮಾಡಿದರು. ಕೇಂದ್ರ ಸರ್ಕಾರದ ನಕ್ಷಾ 2.0 ಯೋಜನೆ.
ಜಿಲ್ಲಾ ವ್ಯಾಪ್ತಿಯಲ್ಲಿ ಒಟ್ಟು 1570 ಎಕರೆ ಪ್ರದೇಶದಲ್ಲಿ 12,780 ಆಸ್ತಿಗಳ ಸರ್ವೆ ನಡೆಯಲಿದೆ. ಡಿಜಿಟಲ್ ಡ್ರೋನ್ ಸರ್ವೆ ಮೂಲಕ ಆಸ್ತಿ ದಾಖಲೆಗಳನ್ನು ಸಿದ್ಧಪಡಿಸಲಾಗುವುದು. ನಗರಸಭೆ ಅಧ್ಯಕ್ಷರು, ಸದಸ್ಯರು, ಭೂಮಾಪನ ಇಲಾಖೆಯ ಅಧಿಕಾರಿಗಳು, ಸರ್ವೆ ಸಿಬ್ಬಂದಿ ಹಾಗೂ ಸಾರ್ವಜನಿಕರು ಉಪಸ್ಥಿತರಿದ್ದರು.
